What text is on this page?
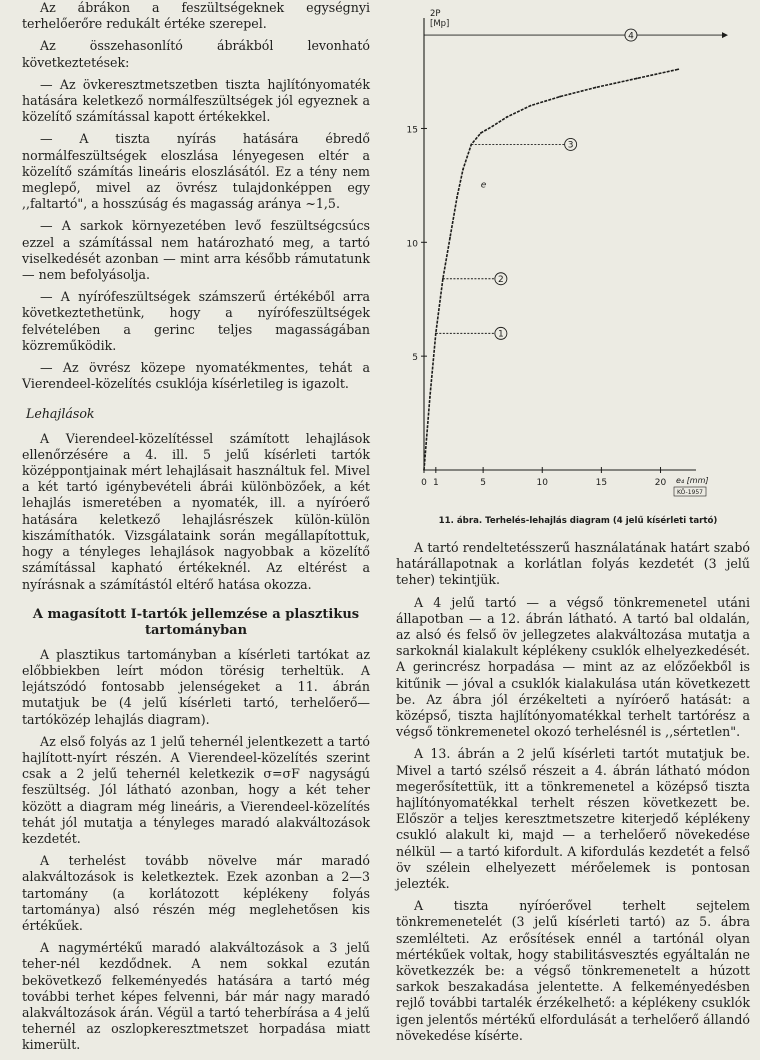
Az ábrákon a feszültségeknek egységnyi terhelőerőre redukált értéke szerepel.

Az összehasonlító ábrákból levonható következtetések:

— Az övkeresztmetszetben tiszta hajlítónyomaték hatására keletkező normálfeszültségek jól egyeznek a közelítő számítással kapott értékekkel.

— A tiszta nyírás hatására ébredő normálfeszültségek eloszlása lényegesen eltér a közelítő számítás lineáris eloszlásától. Ez a tény nem meglepő, mivel az övrész tulajdonképpen egy ,,faltartó", a hosszúság és magasság aránya ~1,5.

— A sarkok környezetében levő feszültségcsúcs ezzel a számítással nem határozható meg, a tartó viselkedését azonban — mint arra később rámutatunk — nem befolyásolja.

— A nyírófeszültségek számszerű értékéből arra következtethetünk, hogy a nyírófeszültségek felvételében a gerinc teljes magasságában közreműködik.

— Az övrész közepe nyomatékmentes, tehát a Vierendeel-közelítés csuklója kísérletileg is igazolt.

Lehajlások

A Vierendeel-közelítéssel számított lehajlások ellenőrzésére a 4. ill. 5 jelű kísérleti tartók középpontjainak mért lehajlásait használtuk fel. Mivel a két tartó igénybevételi ábrái különbözőek, a két lehajlás ismeretében a nyomaték, ill. a nyíróerő hatására keletkező lehajlásrészek külön-külön kiszámíthatók. Vizsgálataink során megállapítottuk, hogy a tényleges lehajlások nagyobbak a közelítő számítással kapható értékeknél. Az eltérést a nyírásnak a számítástól eltérő hatása okozza.

A magasított I-tartók jellemzése a plasztikus tartományban

A plasztikus tartományban a kísérleti tartókat az előbbiekben leírt módon törésig terheltük. A lejátszódó fontosabb jelenségeket a 11. ábrán mutatjuk be (4 jelű kísérleti tartó, terhelőerő—tartóközép lehajlás diagram).

Az első folyás az 1 jelű tehernél jelentkezett a tartó hajlított-nyírt részén. A Vierendeel-közelítés szerint csak a 2 jelű tehernél keletkezik σ=σF nagyságú feszültség. Jól látható azonban, hogy a két teher között a diagram még lineáris, a Vierendeel-közelítés tehát jól mutatja a tényleges maradó alakváltozások kezdetét.

A terhelést tovább növelve már maradó alakváltozások is keletkeztek. Ezek azonban a 2—3 tartomány (a korlátozott képlékeny folyás tartománya) alsó részén még meglehetősen kis értékűek.

A nagymértékű maradó alakváltozások a 3 jelű teher-nél kezdődnek. A nem sokkal ezután bekövetkező felkeményedés hatására a tartó még további terhet képes felvenni, bár már nagy maradó alakváltozások árán. Végül a tartó teherbírása a 4 jelű tehernél az oszlopkeresztmetszet horpadása miatt kimerült.

2P
[Mp]
5
10
15
0 1	5	10	15	20 e₄ [mm]
KÖ-1957
e
1
2
3
4
11. ábra. Terhelés-lehajlás diagram (4 jelű kísérleti tartó)

A tartó rendeltetésszerű használatának határt szabó határállapotnak a korlátlan folyás kezdetét (3 jelű teher) tekintjük.

A 4 jelű tartó — a végső tönkremenetel utáni állapotban — a 12. ábrán látható. A tartó bal oldalán, az alsó és felső öv jellegzetes alakváltozása mutatja a sarkoknál kialakult képlékeny csuklók elhelyezkedését. A gerincrész horpadása — mint az az előzőekből is kitűnik — jóval a csuklók kialakulása után következett be. Az ábra jól érzékelteti a nyíróerő hatását: a középső, tiszta hajlítónyomatékkal terhelt tartórész a végső tönkremenetel okozó terhelésnél is ,,sértetlen".

A 13. ábrán a 2 jelű kísérleti tartót mutatjuk be. Mivel a tartó szélső részeit a 4. ábrán látható módon megerősítettük, itt a tönkremenetel a középső tiszta hajlítónyomatékkal terhelt részen következett be. Először a teljes keresztmetszetre kiterjedő képlékeny csukló alakult ki, majd — a terhelőerő növekedése nélkül — a tartó kifordult. A kifordulás kezdetét a felső öv szélein elhelyezett mérőelemek is pontosan jelezték.

A tiszta nyíróerővel terhelt sejtelem tönkremenetelét (3 jelű kísérleti tartó) az 5. ábra szemlélteti. Az erősítések ennél a tartónál olyan mértékűek voltak, hogy stabilitásvesztés egyáltalán ne következzék be: a végső tönkremenetelt a húzott sarkok beszakadása jelentette. A felkeményedésben rejlő további tartalék érzékelhető: a képlékeny csuklók igen jelentős mértékű elfordulását a terhelőerő állandó növekedése kísérte.
